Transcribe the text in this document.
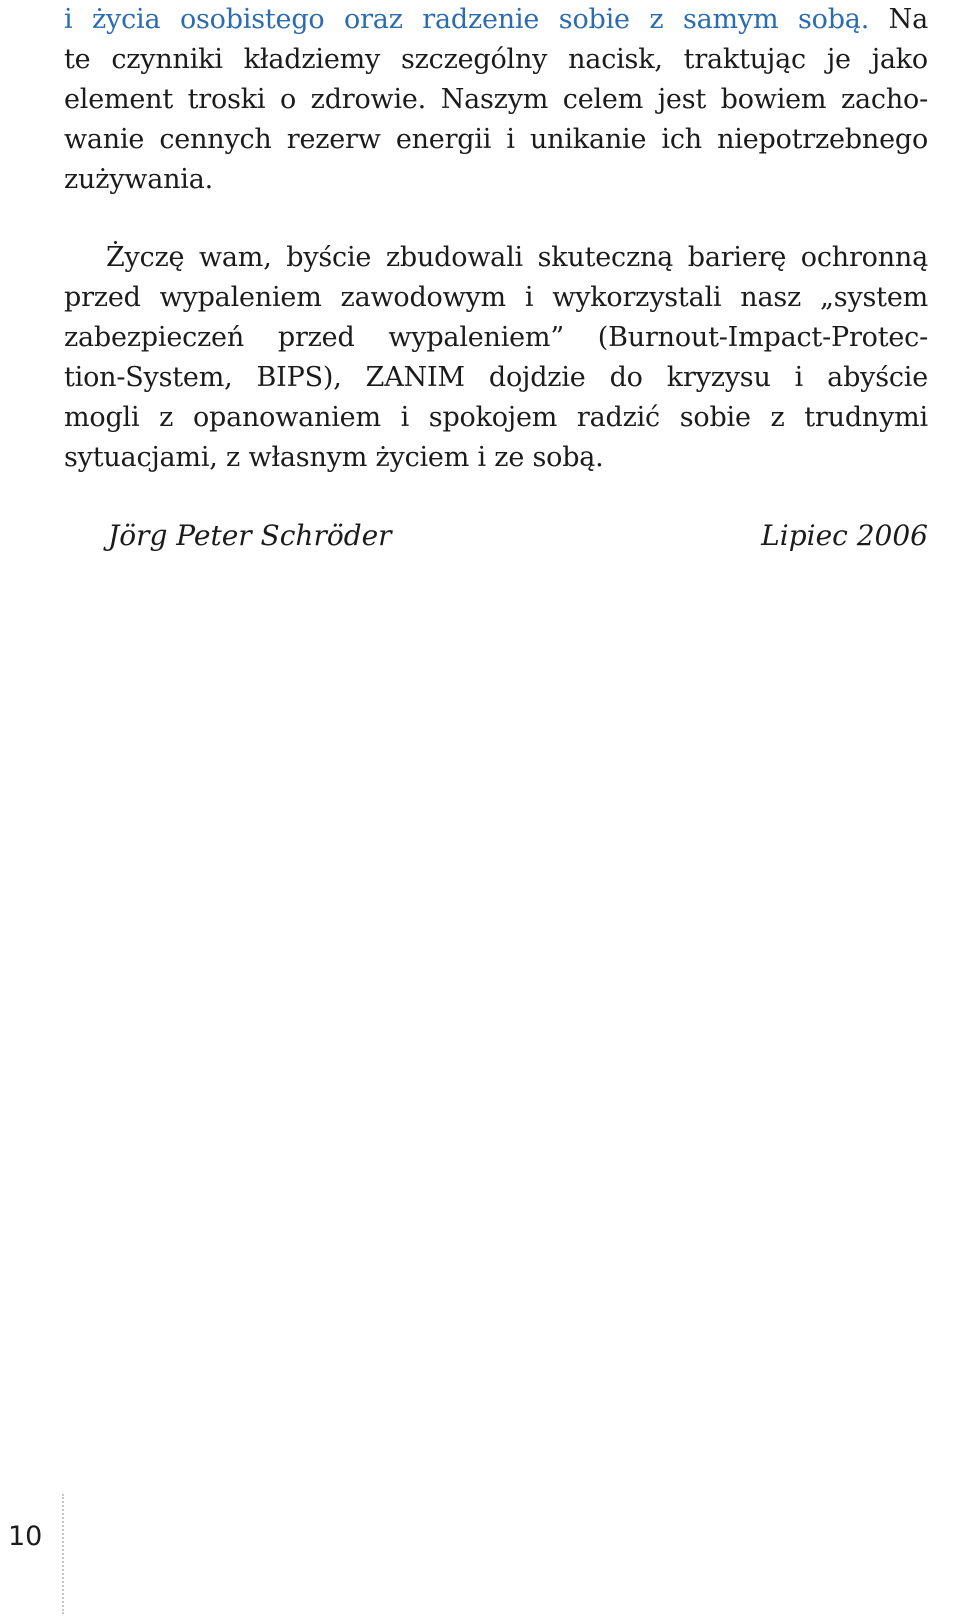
i życia osobistego oraz radzenie sobie z samym sobą. Na
te czynniki kładziemy szczególny nacisk, traktując je jako
element troski o zdrowie. Naszym celem jest bowiem zacho-
wanie cennych rezerw energii i unikanie ich niepotrzebnego
zużywania.
Życzę wam, byście zbudowali skuteczną barierę ochronną
przed wypaleniem zawodowym i wykorzystali nasz „system
zabezpieczeń przed wypaleniem” (Burnout-Impact-Protec-
tion-System, BIPS), ZANIM dojdzie do kryzysu i abyście
mogli z opanowaniem i spokojem radzić sobie z trudnymi
sytuacjami, z własnym życiem i ze sobą.
Jörg Peter Schröder	Lipiec 2006
10
